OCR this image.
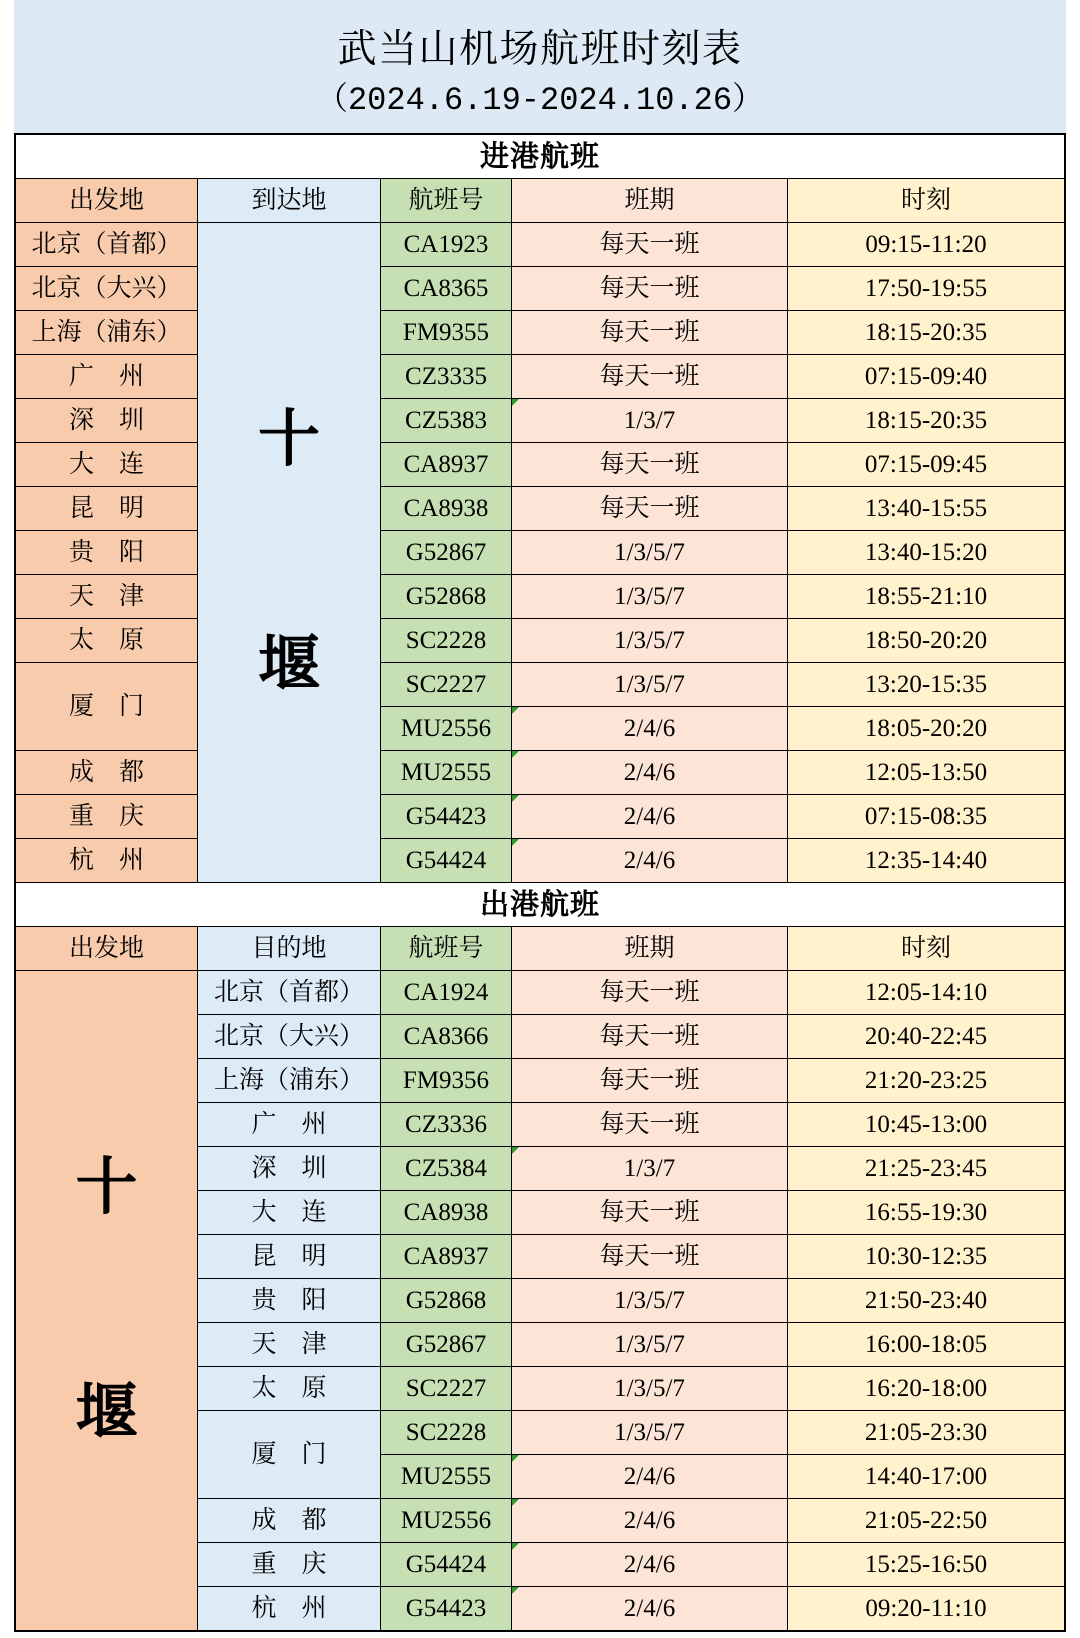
武当山机场航班时刻表
（2024.6.19-2024.10.26）
进港航班
出发地	到达地	航班号	班期	时刻
十
堰
北京（首都）	CA1923	每天一班	09:15-11:20
北京（大兴）	CA8365	每天一班	17:50-19:55
上海（浦东）	FM9355	每天一班	18:15-20:35
广　州	CZ3335	每天一班	07:15-09:40
深　圳	CZ5383	1/3/7	18:15-20:35
大　连	CA8937	每天一班	07:15-09:45
昆　明	CA8938	每天一班	13:40-15:55
贵　阳	G52867	1/3/5/7	13:40-15:20
天　津	G52868	1/3/5/7	18:55-21:10
太　原	SC2228	1/3/5/7	18:50-20:20
厦　门
SC2227	1/3/5/7	13:20-15:35
MU2556	2/4/6	18:05-20:20
成　都	MU2555	2/4/6	12:05-13:50
重　庆	G54423	2/4/6	07:15-08:35
杭　州	G54424	2/4/6	12:35-14:40
出港航班
出发地	目的地	航班号	班期	时刻
十
堰
北京（首都） CA1924	每天一班	12:05-14:10
北京（大兴） CA8366	每天一班	20:40-22:45
上海（浦东） FM9356	每天一班	21:20-23:25
广　州	CZ3336	每天一班	10:45-13:00
深　圳	CZ5384	1/3/7	21:25-23:45
大　连	CA8938	每天一班	16:55-19:30
昆　明	CA8937	每天一班	10:30-12:35
贵　阳	G52868	1/3/5/7	21:50-23:40
天　津	G52867	1/3/5/7	16:00-18:05
太　原	SC2227	1/3/5/7	16:20-18:00
厦　门
SC2228	1/3/5/7	21:05-23:30
MU2555	2/4/6	14:40-17:00
成　都	MU2556	2/4/6	21:05-22:50
重　庆	G54424	2/4/6	15:25-16:50
杭　州	G54423	2/4/6	09:20-11:10
